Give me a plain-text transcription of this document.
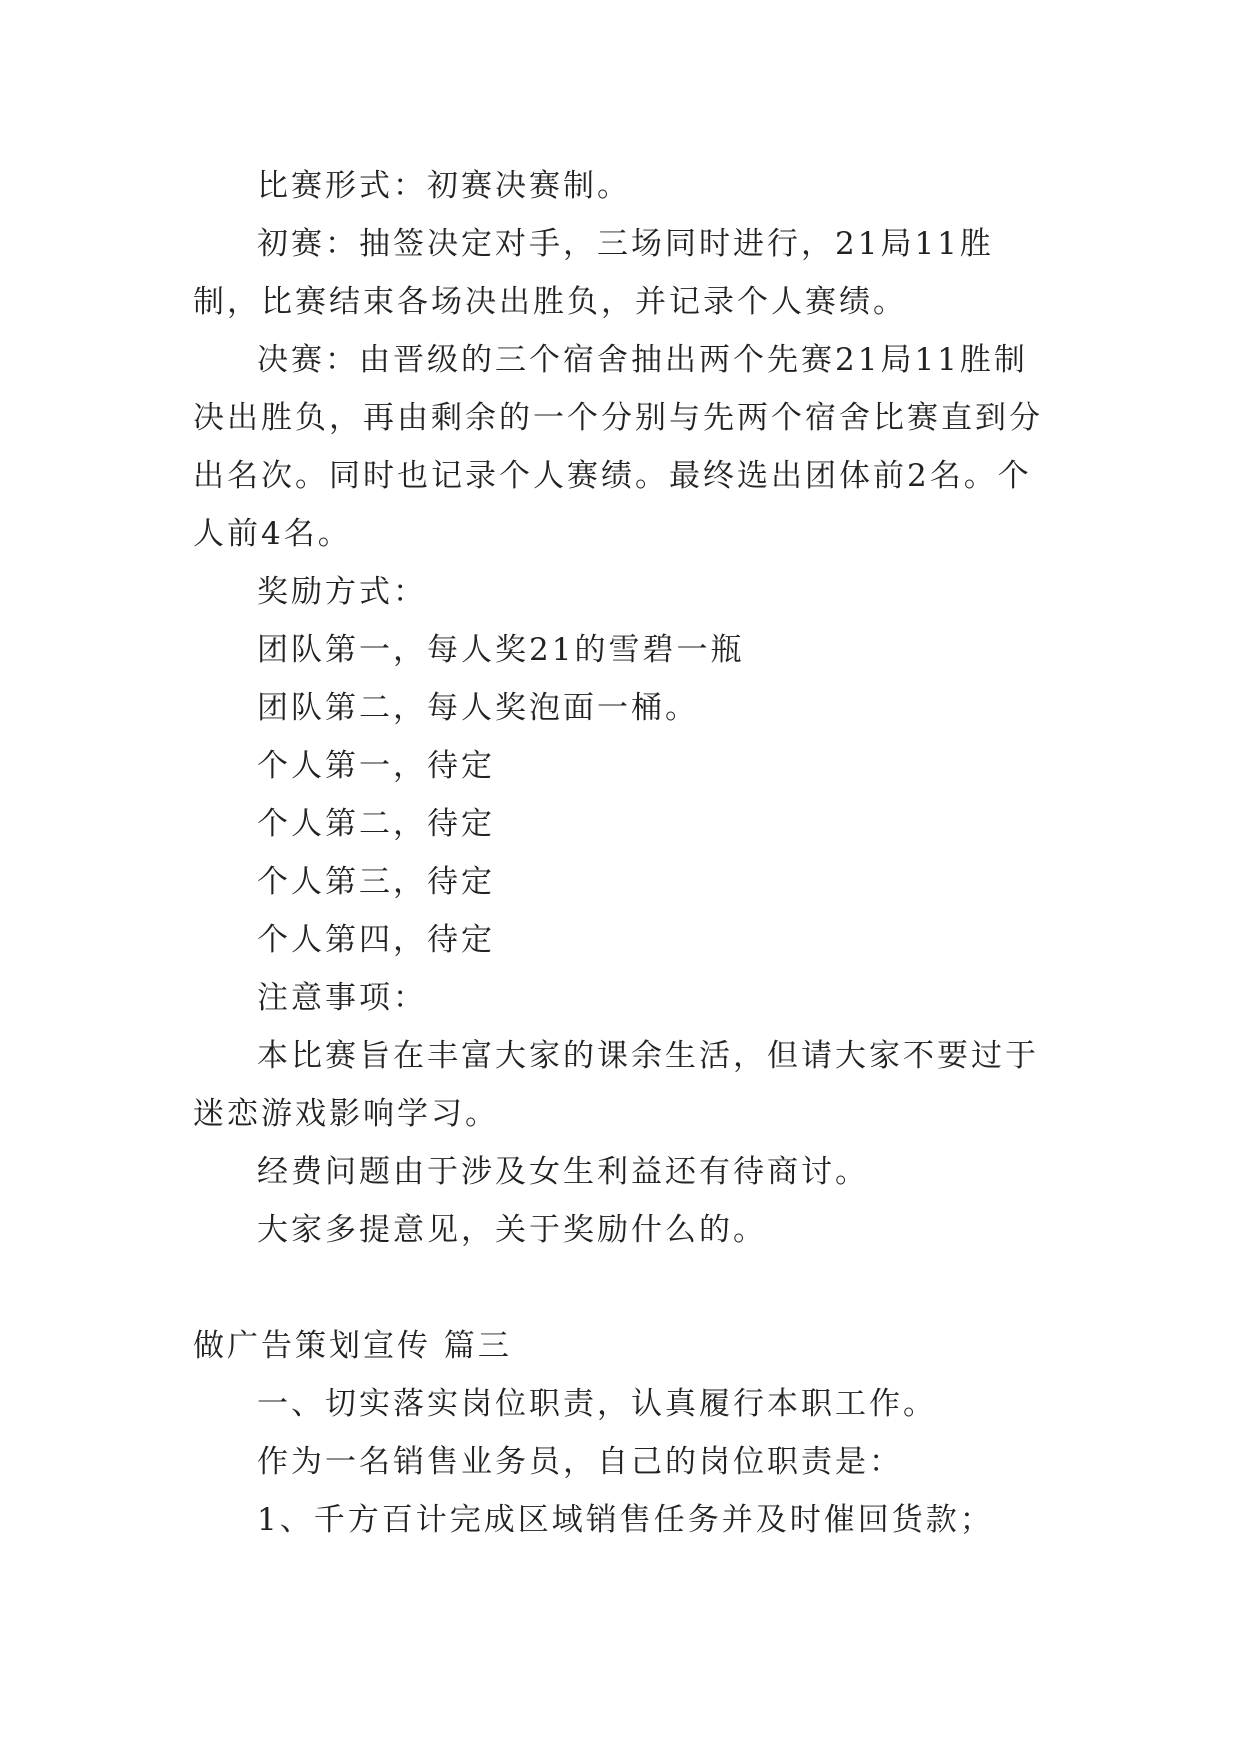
比赛形式：初赛决赛制。

初赛：抽签决定对手，三场同时进行，21局11胜制，比赛结束各场决出胜负，并记录个人赛绩。

决赛：由晋级的三个宿舍抽出两个先赛21局11胜制决出胜负，再由剩余的一个分别与先两个宿舍比赛直到分出名次。同时也记录个人赛绩。最终选出团体前2名。个人前4名。

奖励方式：

团队第一，每人奖21的雪碧一瓶

团队第二，每人奖泡面一桶。

个人第一，待定

个人第二，待定

个人第三，待定

个人第四，待定

注意事项：

本比赛旨在丰富大家的课余生活，但请大家不要过于迷恋游戏影响学习。

经费问题由于涉及女生利益还有待商讨。

大家多提意见，关于奖励什么的。

做广告策划宣传 篇三

一、切实落实岗位职责，认真履行本职工作。

作为一名销售业务员，自己的岗位职责是：

1、千方百计完成区域销售任务并及时催回货款；
